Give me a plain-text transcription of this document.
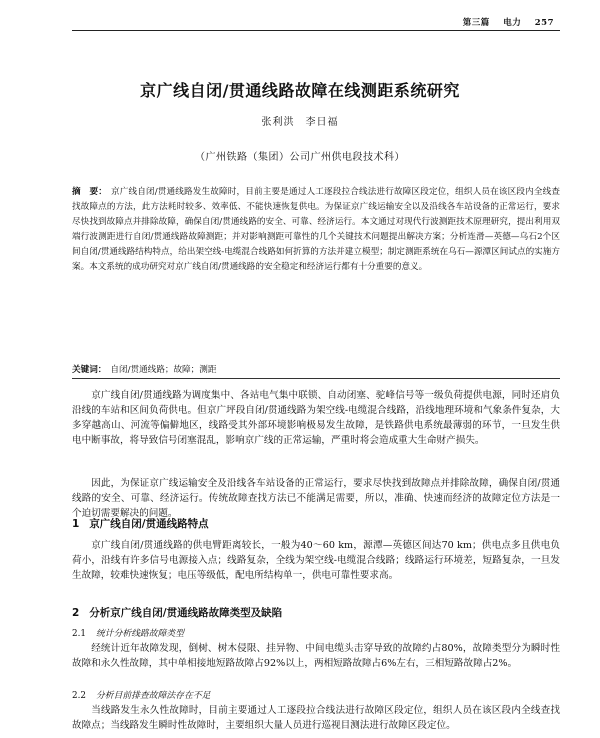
第三篇 电力 257
京广线自闭/贯通线路故障在线测距系统研究
张利洪　李日福
（广州铁路（集团）公司广州供电段技术科）
摘　要： 京广线自闭/贯通线路发生故障时，目前主要是通过人工逐段拉合线法进行故障区段定位，组织人员在该区段内全线查找故障点的方法，此方法耗时较多、效率低、不能快速恢复供电。为保证京广线运输安全以及沿线各车站设备的正常运行，要求尽快找到故障点并排除故障，确保自闭/贯通线路的安全、可靠、经济运行。本文通过对现代行波测距技术原理研究，提出利用双端行波测距进行自闭/贯通线路故障测距；并对影响测距可靠性的几个关键技术问题提出解决方案；分析连滑—英德—乌石2个区间自闭/贯通线路结构特点，给出架空线-电缆混合线路如何折算的方法并建立模型；制定测距系统在乌石—源潭区间试点的实施方案。本文系统的成功研究对京广线自闭/贯通线路的安全稳定和经济运行都有十分重要的意义。
关键词： 自闭/贯通线路；故障；测距
京广线自闭/贯通线路为调度集中、各站电气集中联锁、自动闭塞、驼峰信号等一级负荷提供电源，同时还肩负沿线的车站和区间负荷供电。但京广坪段自闭/贯通线路为架空线-电缆混合线路，沿线地理环境和气象条件复杂，大多穿越高山、河流等偏僻地区，线路受其外部环境影响极易发生故障，是铁路供电系统最薄弱的环节，一旦发生供电中断事故，将导致信号闭塞混乱，影响京广线的正常运输，严重时将会造成重大生命财产损失。
因此，为保证京广线运输安全及沿线各车站设备的正常运行，要求尽快找到故障点并排除故障，确保自闭/贯通线路的安全、可靠、经济运行。传统故障查找方法已不能满足需要，所以，准确、快速而经济的故障定位方法是一个迫切需要解决的问题。
1 京广线自闭/贯通线路特点
京广线自闭/贯通线路的供电臂距离较长，一般为40～60 km，源潭—英德区间达70 km；供电点多且供电负荷小，沿线有许多信号电源接入点；线路复杂，全线为架空线-电缆混合线路；线路运行环境差，短路复杂，一旦发生故障，较难快速恢复；电压等级低，配电所结构单一，供电可靠性要求高。
2 分析京广线自闭/贯通线路故障类型及缺陷
2.1 统计分析线路故障类型
经统计近年故障发现，倒树、树木侵限、挂异物、中间电缆头击穿导致的故障约占80%，故障类型分为瞬时性故障和永久性故障，其中单相接地短路故障占92%以上，两相短路故障占6%左右，三相短路故障占2%。
2.2 分析目前排查故障法存在不足
当线路发生永久性故障时，目前主要通过人工逐段拉合线法进行故障区段定位，组织人员在该区段内全线查找故障点；当线路发生瞬时性故障时，主要组织大量人员进行巡视目测法进行故障区段定位。
